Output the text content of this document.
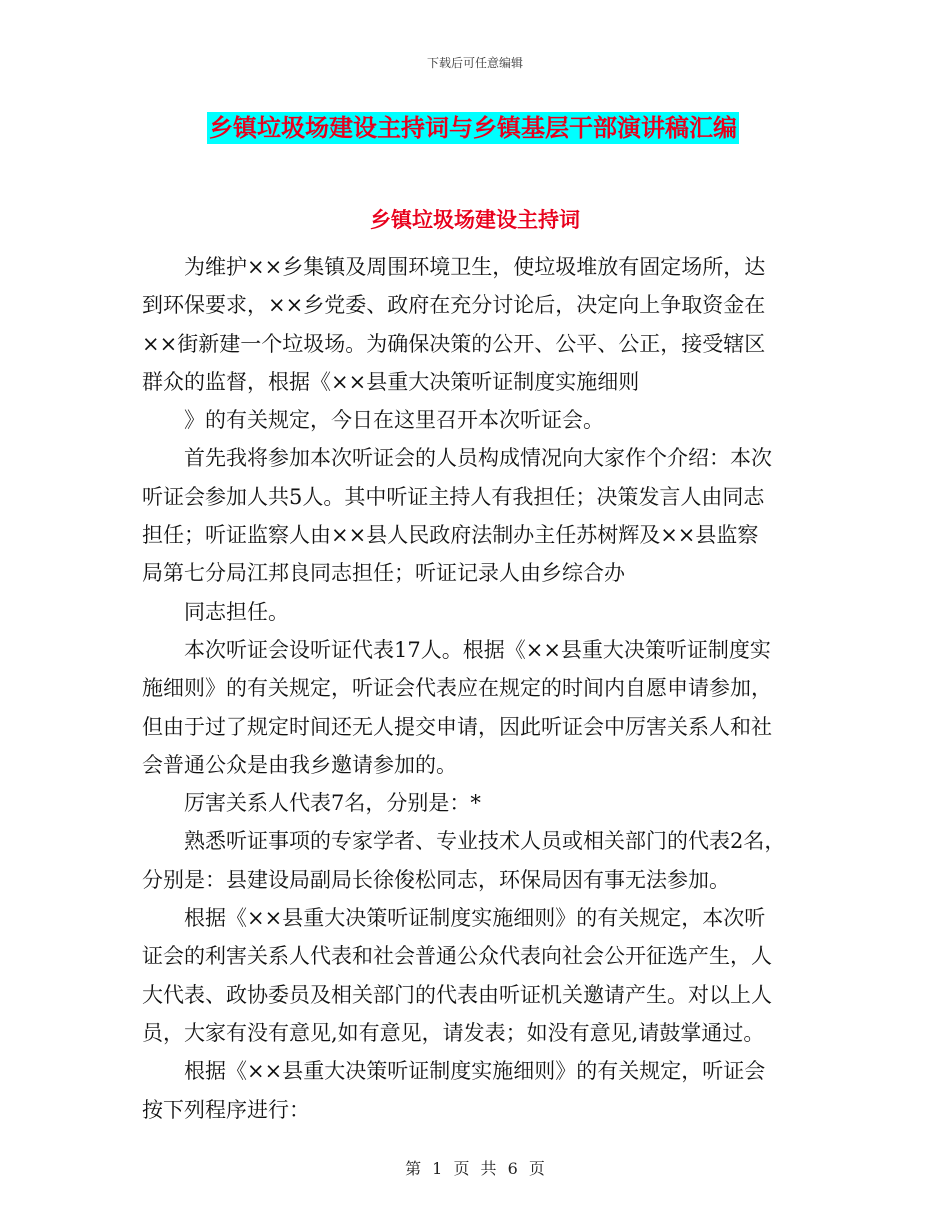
下载后可任意编辑
乡镇垃圾场建设主持词与乡镇基层干部演讲稿汇编
乡镇垃圾场建设主持词

为维护××乡集镇及周围环境卫生，使垃圾堆放有固定场所，达
到环保要求，××乡党委、政府在充分讨论后，决定向上争取资金在
××街新建一个垃圾场。为确保决策的公开、公平、公正，接受辖区
群众的监督，根据《××县重大决策听证制度实施细则

》的有关规定，今日在这里召开本次听证会。

首先我将参加本次听证会的人员构成情况向大家作个介绍：本次
听证会参加人共5人。其中听证主持人有我担任；决策发言人由同志
担任；听证监察人由××县人民政府法制办主任苏树辉及××县监察
局第七分局江邦良同志担任；听证记录人由乡综合办

同志担任。

本次听证会设听证代表17人。根据《××县重大决策听证制度实
施细则》的有关规定，听证会代表应在规定的时间内自愿申请参加，
但由于过了规定时间还无人提交申请，因此听证会中厉害关系人和社
会普通公众是由我乡邀请参加的。

厉害关系人代表7名，分别是：*

熟悉听证事项的专家学者、专业技术人员或相关部门的代表2名，
分别是：县建设局副局长徐俊松同志，环保局因有事无法参加。

根据《××县重大决策听证制度实施细则》的有关规定，本次听
证会的利害关系人代表和社会普通公众代表向社会公开征选产生，人
大代表、政协委员及相关部门的代表由听证机关邀请产生。对以上人
员，大家有没有意见,如有意见，请发表；如没有意见,请鼓掌通过。

根据《××县重大决策听证制度实施细则》的有关规定，听证会
按下列程序进行：

第 1 页 共 6 页
